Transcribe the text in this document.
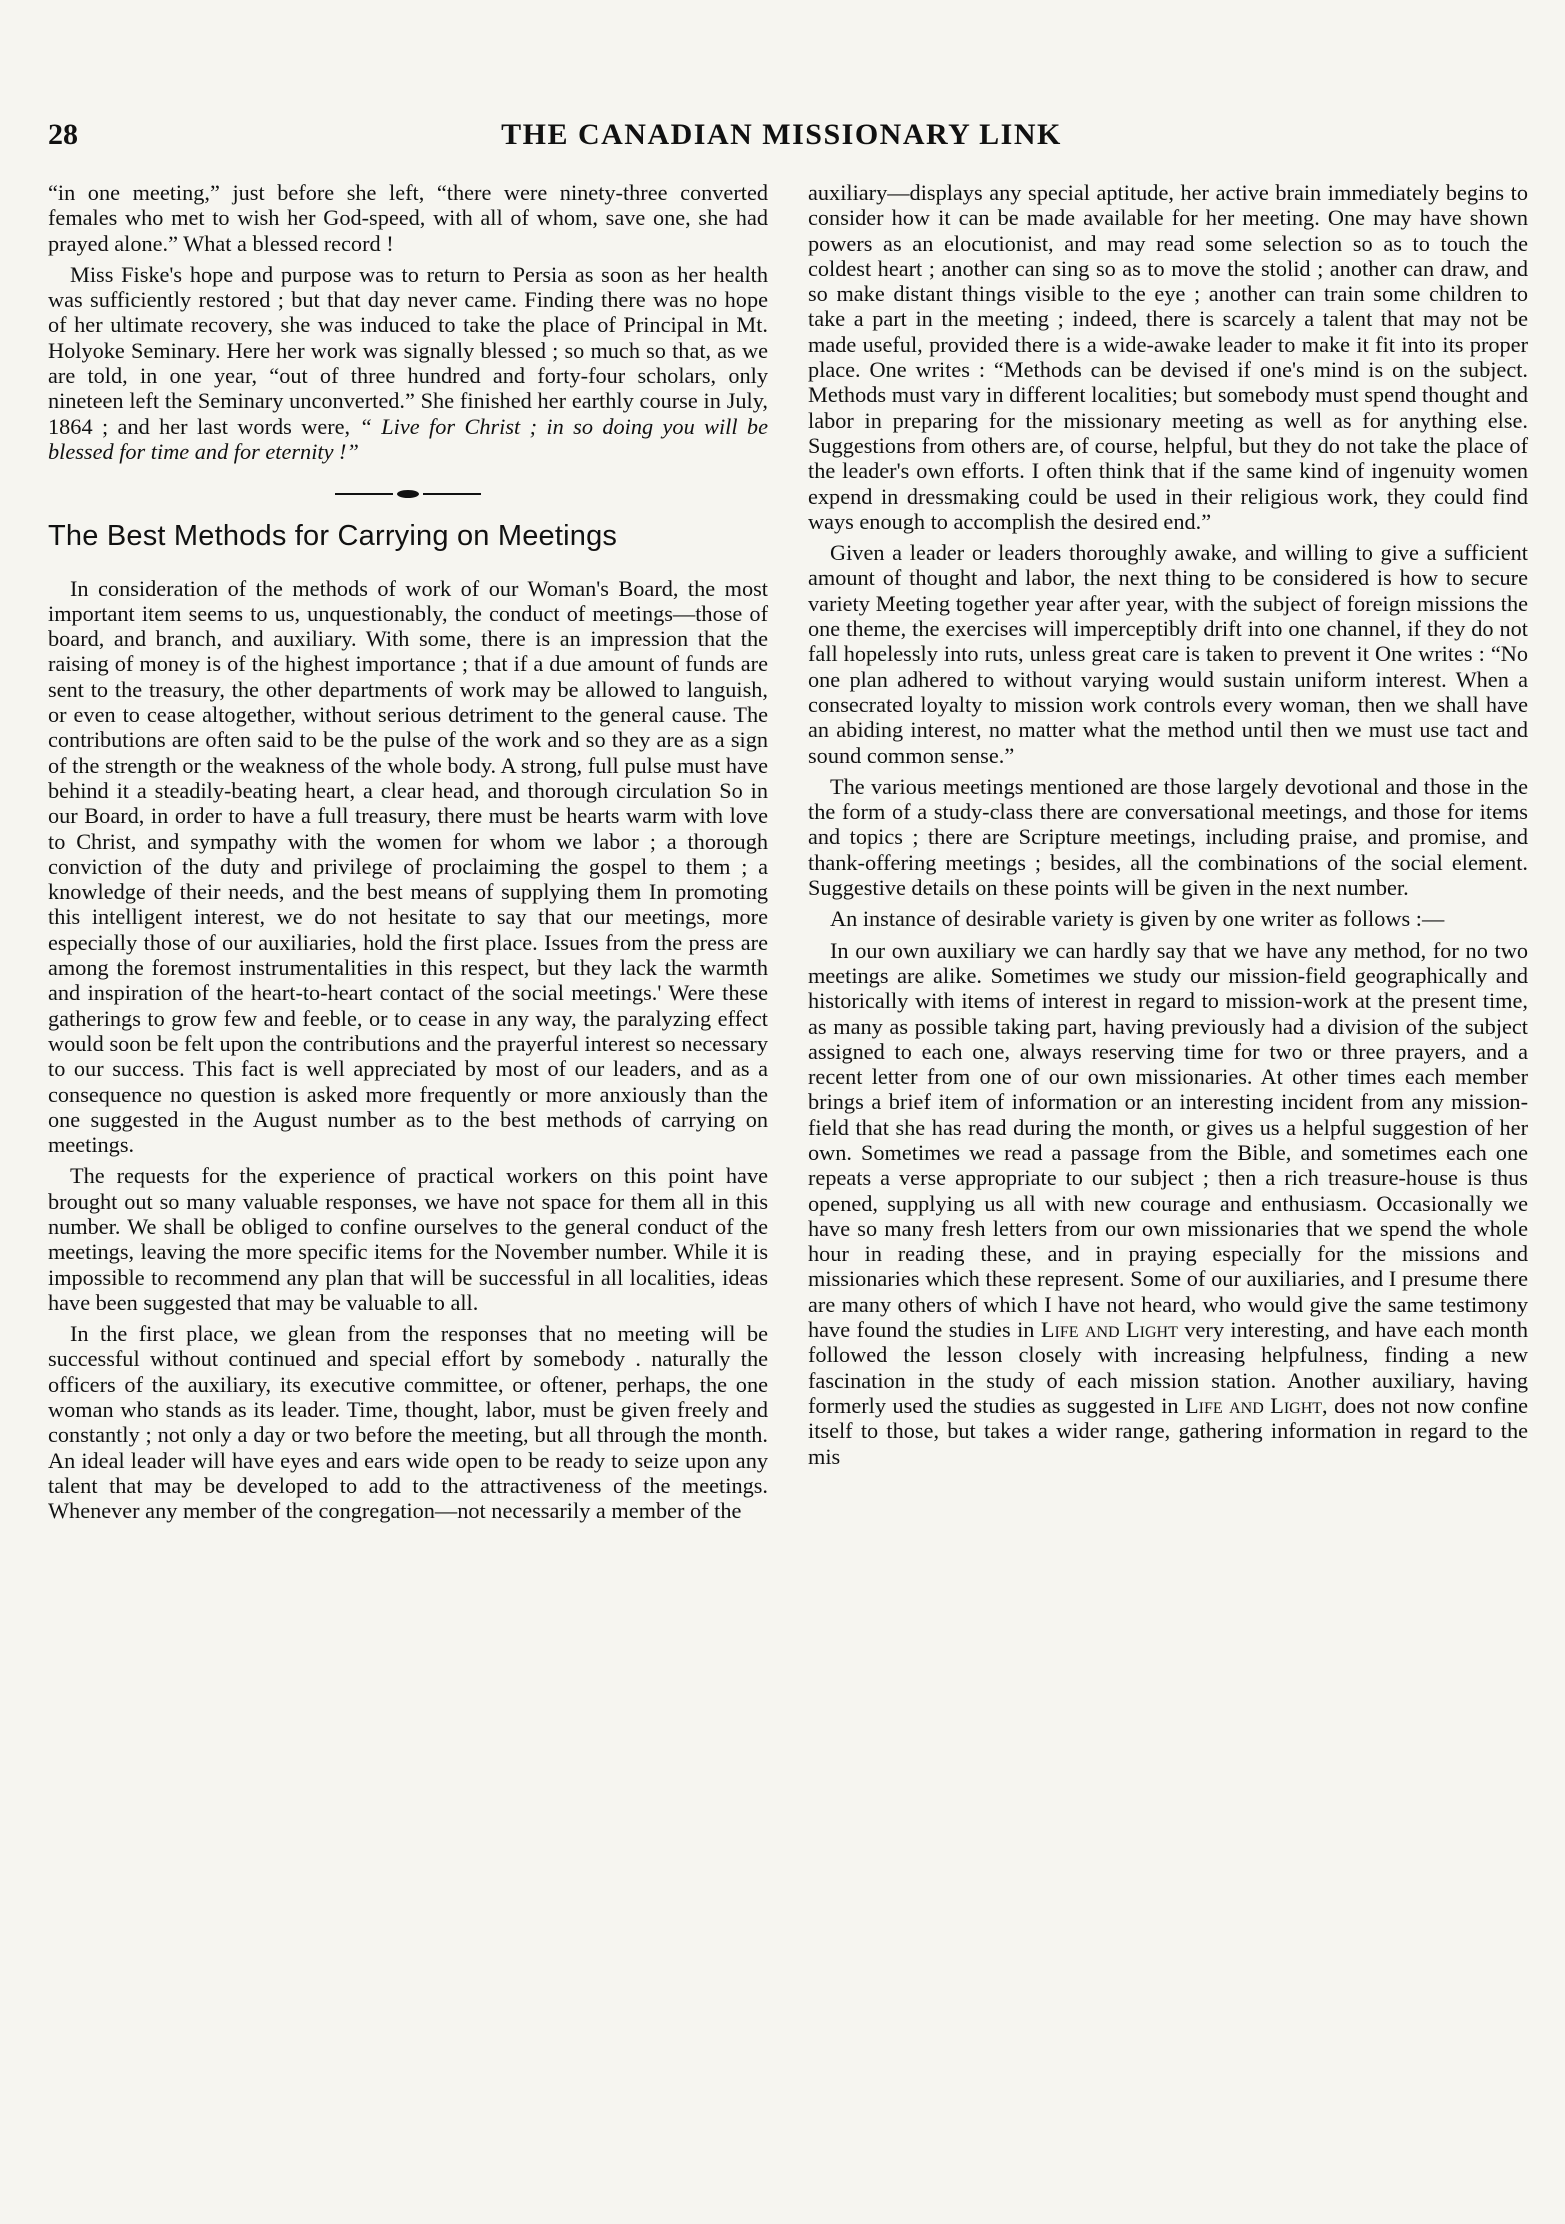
28	THE CANADIAN MISSIONARY LINK

“in one meeting,” just before she left, “there were ninety-three converted females who met to wish her God-speed, with all of whom, save one, she had prayed alone.” What a blessed record !

Miss Fiske's hope and purpose was to return to Persia as soon as her health was sufficiently restored ; but that day never came. Finding there was no hope of her ultimate recovery, she was induced to take the place of Principal in Mt. Holyoke Seminary. Here her work was signally blessed ; so much so that, as we are told, in one year, “out of three hundred and forty-four scholars, only nineteen left the Seminary unconverted.” She finished her earthly course in July, 1864 ; and her last words were, “ Live for Christ ; in so doing you will be blessed for time and for eternity !”

The Best Methods for Carrying on Meetings

In consideration of the methods of work of our Woman's Board, the most important item seems to us, unquestionably, the conduct of meetings—those of board, and branch, and auxiliary. With some, there is an impression that the raising of money is of the highest importance ; that if a due amount of funds are sent to the treasury, the other departments of work may be allowed to languish, or even to cease altogether, without serious detriment to the general cause. The contributions are often said to be the pulse of the work and so they are as a sign of the strength or the weakness of the whole body. A strong, full pulse must have behind it a steadily-beating heart, a clear head, and thorough circulation So in our Board, in order to have a full treasury, there must be hearts warm with love to Christ, and sympathy with the women for whom we labor ; a thorough conviction of the duty and privilege of proclaiming the gospel to them ; a knowledge of their needs, and the best means of supplying them In promoting this intelligent interest, we do not hesitate to say that our meetings, more especially those of our auxiliaries, hold the first place. Issues from the press are among the foremost instrumentalities in this respect, but they lack the warmth and inspiration of the heart-to-heart contact of the social meetings.' Were these gatherings to grow few and feeble, or to cease in any way, the paralyzing effect would soon be felt upon the contributions and the prayerful interest so necessary to our success. This fact is well appreciated by most of our leaders, and as a consequence no question is asked more frequently or more anxiously than the one suggested in the August number as to the best methods of carrying on meetings.

The requests for the experience of practical workers on this point have brought out so many valuable responses, we have not space for them all in this number. We shall be obliged to confine ourselves to the general conduct of the meetings, leaving the more specific items for the November number. While it is impossible to recommend any plan that will be successful in all localities, ideas have been suggested that may be valuable to all.

In the first place, we glean from the responses that no meeting will be successful without continued and special effort by somebody . naturally the officers of the auxiliary, its executive committee, or oftener, perhaps, the one woman who stands as its leader. Time, thought, labor, must be given freely and constantly ; not only a day or two before the meeting, but all through the month. An ideal leader will have eyes and ears wide open to be ready to seize upon any talent that may be developed to add to the attractiveness of the meetings. Whenever any member of the congregation—not necessarily a member of the

auxiliary—displays any special aptitude, her active brain immediately begins to consider how it can be made available for her meeting. One may have shown powers as an elocutionist, and may read some selection so as to touch the coldest heart ; another can sing so as to move the stolid ; another can draw, and so make distant things visible to the eye ; another can train some children to take a part in the meeting ; indeed, there is scarcely a talent that may not be made useful, provided there is a wide-awake leader to make it fit into its proper place. One writes : “Methods can be devised if one's mind is on the subject. Methods must vary in different localities; but somebody must spend thought and labor in preparing for the missionary meeting as well as for anything else. Suggestions from others are, of course, helpful, but they do not take the place of the leader's own efforts. I often think that if the same kind of ingenuity women expend in dressmaking could be used in their religious work, they could find ways enough to accomplish the desired end.”

Given a leader or leaders thoroughly awake, and willing to give a sufficient amount of thought and labor, the next thing to be considered is how to secure variety Meeting together year after year, with the subject of foreign missions the one theme, the exercises will imperceptibly drift into one channel, if they do not fall hopelessly into ruts, unless great care is taken to prevent it One writes : “No one plan adhered to without varying would sustain uniform interest. When a consecrated loyalty to mission work controls every woman, then we shall have an abiding interest, no matter what the method until then we must use tact and sound common sense.”

The various meetings mentioned are those largely devotional and those in the the form of a study-class there are conversational meetings, and those for items and topics ; there are Scripture meetings, including praise, and promise, and thank-offering meetings ; besides, all the combinations of the social element. Suggestive details on these points will be given in the next number.

An instance of desirable variety is given by one writer as follows :—

In our own auxiliary we can hardly say that we have any method, for no two meetings are alike. Sometimes we study our mission-field geographically and historically with items of interest in regard to mission-work at the present time, as many as possible taking part, having previously had a division of the subject assigned to each one, always reserving time for two or three prayers, and a recent letter from one of our own missionaries. At other times each member brings a brief item of information or an interesting incident from any mission-field that she has read during the month, or gives us a helpful suggestion of her own. Sometimes we read a passage from the Bible, and sometimes each one repeats a verse appropriate to our subject ; then a rich treasure-house is thus opened, supplying us all with new courage and enthusiasm. Occasionally we have so many fresh letters from our own missionaries that we spend the whole hour in reading these, and in praying especially for the missions and missionaries which these represent. Some of our auxiliaries, and I presume there are many others of which I have not heard, who would give the same testimony have found the studies in Life and Light very interesting, and have each month followed the lesson closely with increasing helpfulness, finding a new fascination in the study of each mission station. Another auxiliary, having formerly used the studies as suggested in Life and Light, does not now confine itself to those, but takes a wider range, gathering information in regard to the mis
